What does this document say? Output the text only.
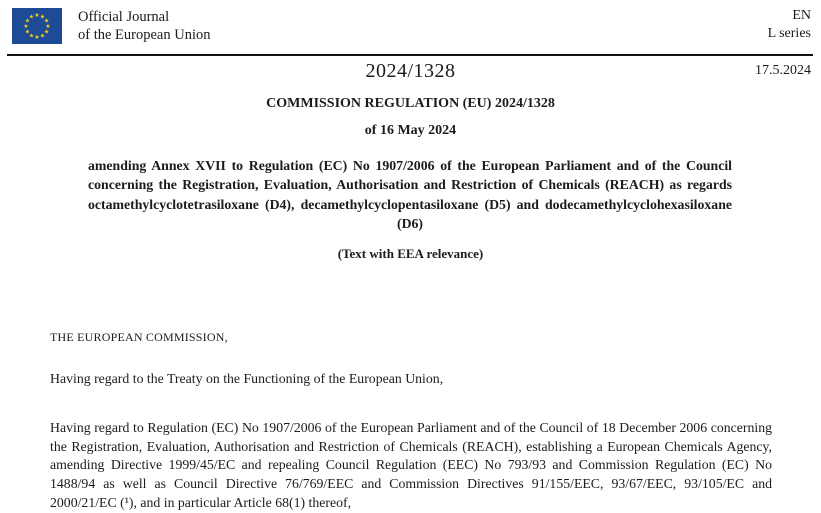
★ ★
★
★
★
★
★
★
★
★
★
★	Official Journal
of the European Union
EN
L series
2024/1328	17.5.2024
COMMISSION REGULATION (EU) 2024/1328
of 16 May 2024
amending Annex XVII to Regulation (EC) No 1907/2006 of the European Parliament and of the Council concerning the Registration, Evaluation, Authorisation and Restriction of Chemicals (REACH) as regards octamethylcyclotetrasiloxane (D4), decamethylcyclopentasiloxane (D5) and dodecamethylcyclohexasiloxane (D6)
(Text with EEA relevance)
THE EUROPEAN COMMISSION,
Having regard to the Treaty on the Functioning of the European Union,
Having regard to Regulation (EC) No 1907/2006 of the European Parliament and of the Council of 18 December 2006 concerning the Registration, Evaluation, Authorisation and Restriction of Chemicals (REACH), establishing a European Chemicals Agency, amending Directive 1999/45/EC and repealing Council Regulation (EEC) No 793/93 and Commission Regulation (EC) No 1488/94 as well as Council Directive 76/769/EEC and Commission Directives 91/155/EEC, 93/67/EEC, 93/105/EC and 2000/21/EC (¹), and in particular Article 68(1) thereof,
